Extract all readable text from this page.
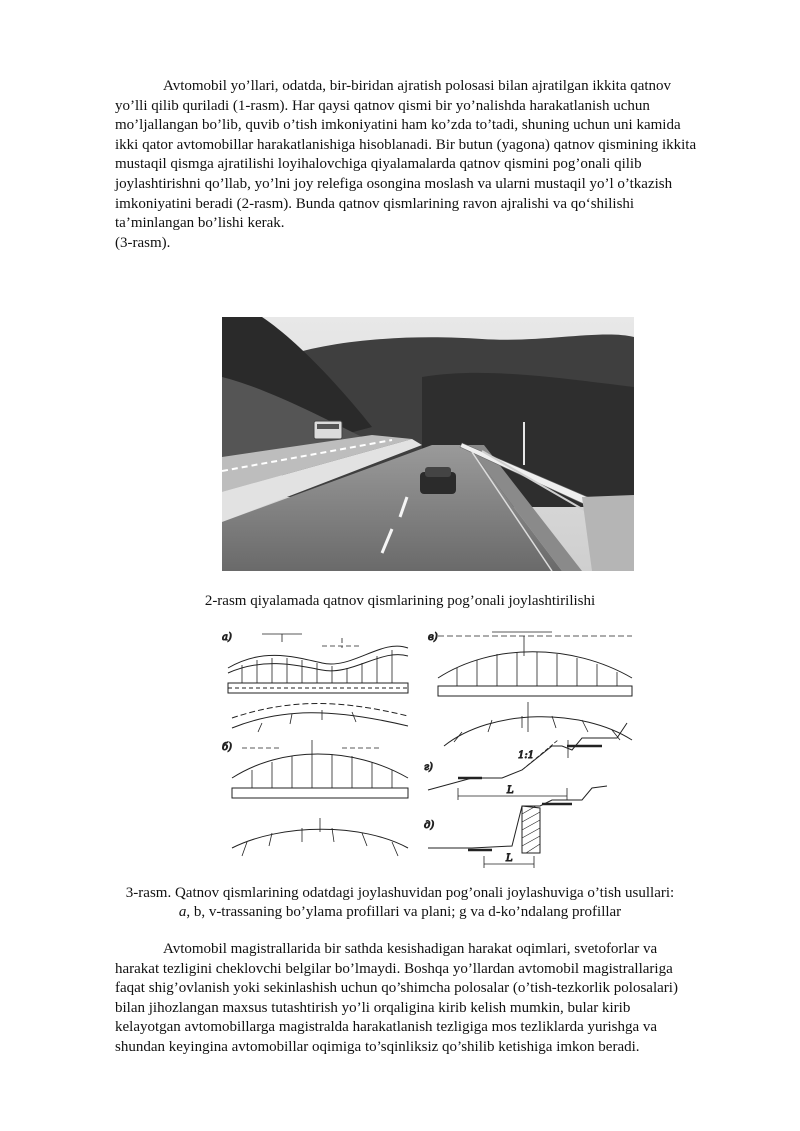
Avtomobil yo’llari, odatda, bir-biridan ajratish polosasi bilan ajratilgan ikkita qatnov
yo’lli qilib quriladi (1-rasm). Har qaysi qatnov qismi bir yo’nalishda harakatlanish uchun
mo’ljallangan bo’lib, quvib o’tish imkoniyatini ham ko’zda to’tadi, shuning uchun uni kamida
ikki qator avtomobillar harakatlanishiga hisoblanadi. Bir butun (yagona) qatnov qismining ikkita
mustaqil qismga ajratilishi loyihalovchiga qiyalamalarda qatnov qismini pog’onali qilib
joylashtirishni qo’llab, yo’lni joy relefiga osongina moslash va ularni mustaqil yo’l o’tkazish
imkoniyatini beradi (2-rasm). Bunda qatnov qismlarining ravon ajralishi va qoʻshilishi
ta’minlangan bo’lishi kerak.
(3-rasm).

2-rasm qiyalamada qatnov qismlarining pog’onali joylashtirilishi

а)
б)
в)
г)
1:1
L
д)
L

3-rasm. Qatnov qismlarining odatdagi joylashuvidan pog’onali joylashuviga o’tish usullari:

a, b, v-trassaning bo’ylama profillari va plani; g va d-ko’ndalang profillar

Avtomobil magistrallarida bir sathda kesishadigan harakat oqimlari, svetoforlar va
harakat tezligini cheklovchi belgilar bo’lmaydi. Boshqa yo’llardan avtomobil magistrallariga
faqat shig’ovlanish yoki sekinlashish uchun qo’shimcha polosalar (o’tish-tezkorlik polosalari)
bilan jihozlangan maxsus tutashtirish yo’li orqaligina kirib kelish mumkin, bular kirib
kelayotgan avtomobillarga magistralda harakatlanish tezligiga mos tezliklarda yurishga va
shundan keyingina avtomobillar oqimiga to’sqinliksiz qo’shilib ketishiga imkon beradi.
